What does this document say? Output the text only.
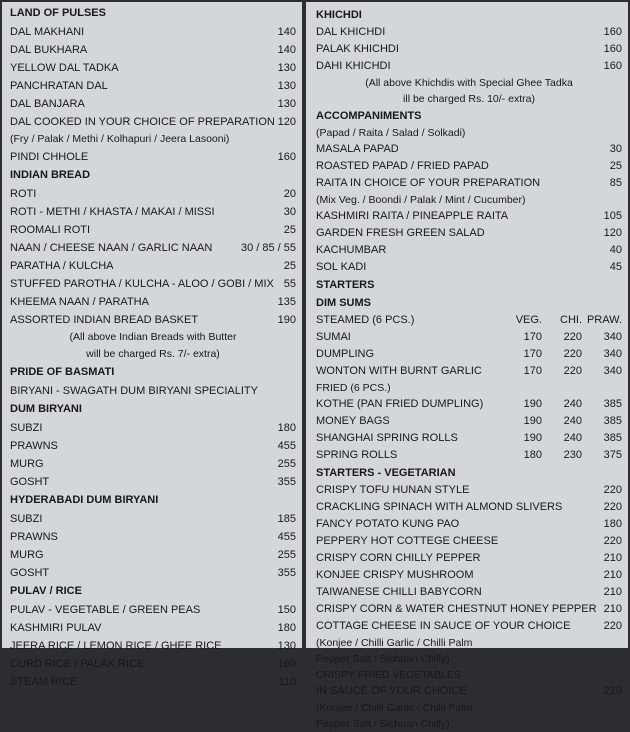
LAND OF PULSES
DAL MAKHANI	140
DAL BUKHARA	140
YELLOW DAL TADKA	130
PANCHRATAN DAL	130
DAL BANJARA	130
DAL COOKED IN YOUR CHOICE OF PREPARATION 120
(Fry / Palak / Methi / Kolhapuri / Jeera Lasooni)
PINDI CHHOLE	160
INDIAN BREAD
ROTI	20
ROTI - METHI / KHASTA / MAKAI / MISSI	30
ROOMALI ROTI	25
NAAN / CHEESE NAAN / GARLIC NAAN	30 / 85 / 55
PARATHA / KULCHA	25
STUFFED PAROTHA / KULCHA - ALOO / GOBI / MIX 55
KHEEMA NAAN / PARATHA	135
ASSORTED INDIAN BREAD BASKET	190
(All above Indian Breads with Butter
will be charged Rs. 7/- extra)
PRIDE OF BASMATI
BIRYANI - SWAGATH DUM BIRYANI SPECIALITY
DUM BIRYANI
SUBZI	180
PRAWNS	455
MURG	255
GOSHT	355
HYDERABADI DUM BIRYANI
SUBZI	185
PRAWNS	455
MURG	255
GOSHT	355
PULAV / RICE
PULAV - VEGETABLE / GREEN PEAS	150
KASHMIRI PULAV	180
JEERA RICE / LEMON RICE / GHEE RICE	130
CURD RICE / PALAK RICE	160
STEAM RICE	110
KHICHDI
DAL KHICHDI	160
PALAK KHICHDI	160
DAHI KHICHDI	160
(All above Khichdis with Special Ghee Tadka
ill be charged Rs. 10/- extra)
ACCOMPANIMENTS
(Papad / Raita / Salad / Solkadi)
MASALA PAPAD	30
ROASTED PAPAD / FRIED PAPAD	25
RAITA IN CHOICE OF YOUR PREPARATION	85
(Mix Veg. / Boondi / Palak / Mint / Cucumber)
KASHMIRI RAITA / PINEAPPLE RAITA	105
GARDEN FRESH GREEN SALAD	120
KACHUMBAR	40
SOL KADI	45
STARTERS
DIM SUMS
STEAMED (6 PCS.)	VEG.	CHI. PRAW.
SUMAI	170	220	340
DUMPLING	170	220	340
WONTON WITH BURNT GARLIC	170	220	340
FRIED (6 PCS.)
KOTHE (PAN FRIED DUMPLING)	190	240	385
MONEY BAGS	190	240	385
SHANGHAI SPRING ROLLS	190	240	385
SPRING ROLLS	180	230	375
STARTERS - VEGETARIAN
CRISPY TOFU HUNAN STYLE	220
CRACKLING SPINACH WITH ALMOND SLIVERS	220
FANCY POTATO KUNG PAO	180
PEPPERY HOT COTTEGE CHEESE	220
CRISPY CORN CHILLY PEPPER	210
KONJEE CRISPY MUSHROOM	210
TAIWANESE CHILLI BABYCORN	210
CRISPY CORN & WATER CHESTNUT HONEY PEPPER 210
COTTAGE CHEESE IN SAUCE OF YOUR CHOICE	220
(Konjee / Chilli Garlic / Chilli Palm
Pepper Salt / Sichuan Chilly)
CRISPY FRIED VEGETABLES
IN SAUCE OF YOUR CHOICE	210
(Konjee / Chilli Garlic / Chilli Palm
Pepper Salt / Sichuan Chilly)
